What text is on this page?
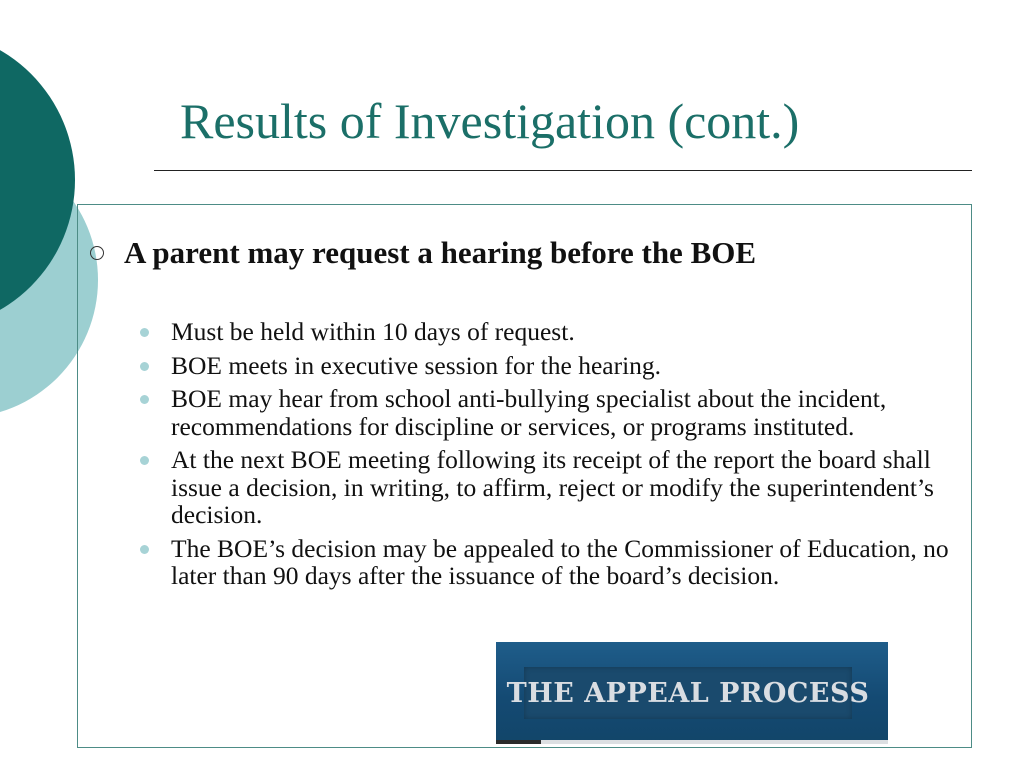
Results of Investigation (cont.)
A parent may request a hearing before the BOE
Must be held within 10 days of request.
BOE meets in executive session for the hearing.
BOE may hear from school anti-bullying specialist about the incident, recommendations for discipline or services, or programs instituted.
At the next BOE meeting following its receipt of the report the board shall issue a decision, in writing, to affirm, reject or modify the superintendent’s decision.
The BOE’s decision may be appealed to the Commissioner of Education, no later than 90 days after the issuance of the board’s decision.
THE APPEAL PROCESS
